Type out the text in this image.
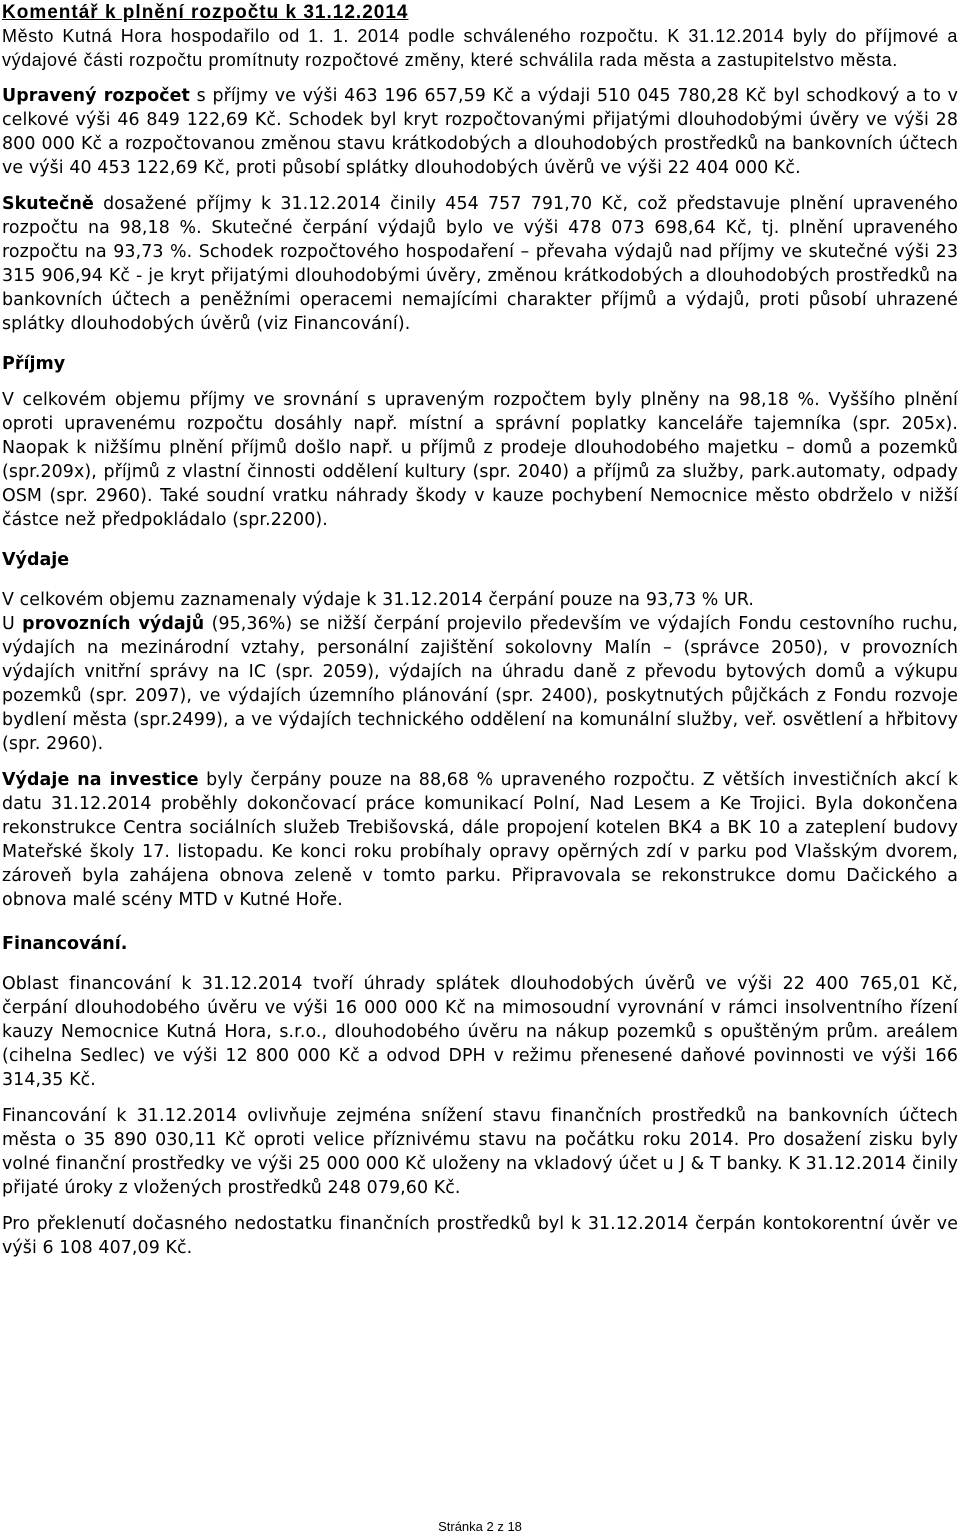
Komentář k plnění rozpočtu k 31.12.2014

Město Kutná Hora hospodařilo od 1. 1. 2014 podle schváleného rozpočtu. K 31.12.2014 byly do příjmové a výdajové části rozpočtu promítnuty rozpočtové změny, které schválila rada města a zastupitelstvo města.

Upravený rozpočet s příjmy ve výši 463 196 657,59 Kč a výdaji 510 045 780,28 Kč byl schodkový a to v celkové výši 46 849 122,69 Kč. Schodek byl kryt rozpočtovanými přijatými dlouhodobými úvěry ve výši 28 800 000 Kč a rozpočtovanou změnou stavu krátkodobých a dlouhodobých prostředků na bankovních účtech ve výši 40 453 122,69 Kč, proti působí splátky dlouhodobých úvěrů ve výši 22 404 000 Kč.

Skutečně dosažené příjmy k 31.12.2014 činily 454 757 791,70 Kč, což představuje plnění upraveného rozpočtu na 98,18 %. Skutečné čerpání výdajů bylo ve výši 478 073 698,64 Kč, tj. plnění upraveného rozpočtu na 93,73 %. Schodek rozpočtového hospodaření – převaha výdajů nad příjmy ve skutečné výši 23 315 906,94 Kč - je kryt přijatými dlouhodobými úvěry, změnou krátkodobých a dlouhodobých prostředků na bankovních účtech a peněžními operacemi nemajícími charakter příjmů a výdajů, proti působí uhrazené splátky dlouhodobých úvěrů (viz Financování).

Příjmy

V celkovém objemu příjmy ve srovnání s upraveným rozpočtem byly plněny na 98,18 %. Vyššího plnění oproti upravenému rozpočtu dosáhly např. místní a správní poplatky kanceláře tajemníka (spr. 205x). Naopak k nižšímu plnění příjmů došlo např. u příjmů z prodeje dlouhodobého majetku – domů a pozemků (spr.209x), příjmů z vlastní činnosti oddělení kultury (spr. 2040) a příjmů za služby, park.automaty, odpady OSM (spr. 2960). Také soudní vratku náhrady škody v kauze pochybení Nemocnice město obdrželo v nižší částce než předpokládalo (spr.2200).

Výdaje

V celkovém objemu zaznamenaly výdaje k 31.12.2014 čerpání pouze na 93,73 % UR.

U provozních výdajů (95,36%) se nižší čerpání projevilo především ve výdajích Fondu cestovního ruchu, výdajích na mezinárodní vztahy, personální zajištění sokolovny Malín – (správce 2050), v provozních výdajích vnitřní správy na IC (spr. 2059), výdajích na úhradu daně z převodu bytových domů a výkupu pozemků (spr. 2097), ve výdajích územního plánování (spr. 2400), poskytnutých půjčkách z Fondu rozvoje bydlení města (spr.2499), a ve výdajích technického oddělení na komunální služby, veř. osvětlení a hřbitovy (spr. 2960).

Výdaje na investice byly čerpány pouze na 88,68 % upraveného rozpočtu. Z větších investičních akcí k datu 31.12.2014 proběhly dokončovací práce komunikací Polní, Nad Lesem a Ke Trojici. Byla dokončena rekonstrukce Centra sociálních služeb Trebišovská, dále propojení kotelen BK4 a BK 10 a zateplení budovy Mateřské školy 17. listopadu. Ke konci roku probíhaly opravy opěrných zdí v parku pod Vlašským dvorem, zároveň byla zahájena obnova zeleně v tomto parku. Připravovala se rekonstrukce domu Dačického a obnova malé scény MTD v Kutné Hoře.

Financování.

Oblast financování k 31.12.2014 tvoří úhrady splátek dlouhodobých úvěrů ve výši 22 400 765,01 Kč, čerpání dlouhodobého úvěru ve výši 16 000 000 Kč na mimosoudní vyrovnání v rámci insolventního řízení kauzy Nemocnice Kutná Hora, s.r.o., dlouhodobého úvěru na nákup pozemků s opuštěným prům. areálem (cihelna Sedlec) ve výši 12 800 000 Kč a odvod DPH v režimu přenesené daňové povinnosti ve výši 166 314,35 Kč.

Financování k 31.12.2014 ovlivňuje zejména snížení stavu finančních prostředků na bankovních účtech města o 35 890 030,11 Kč oproti velice příznivému stavu na počátku roku 2014. Pro dosažení zisku byly volné finanční prostředky ve výši 25 000 000 Kč uloženy na vkladový účet u J & T banky. K 31.12.2014 činily přijaté úroky z vložených prostředků 248 079,60 Kč.

Pro překlenutí dočasného nedostatku finančních prostředků byl k 31.12.2014 čerpán kontokorentní úvěr ve výši 6 108 407,09 Kč.

Stránka 2 z 18
